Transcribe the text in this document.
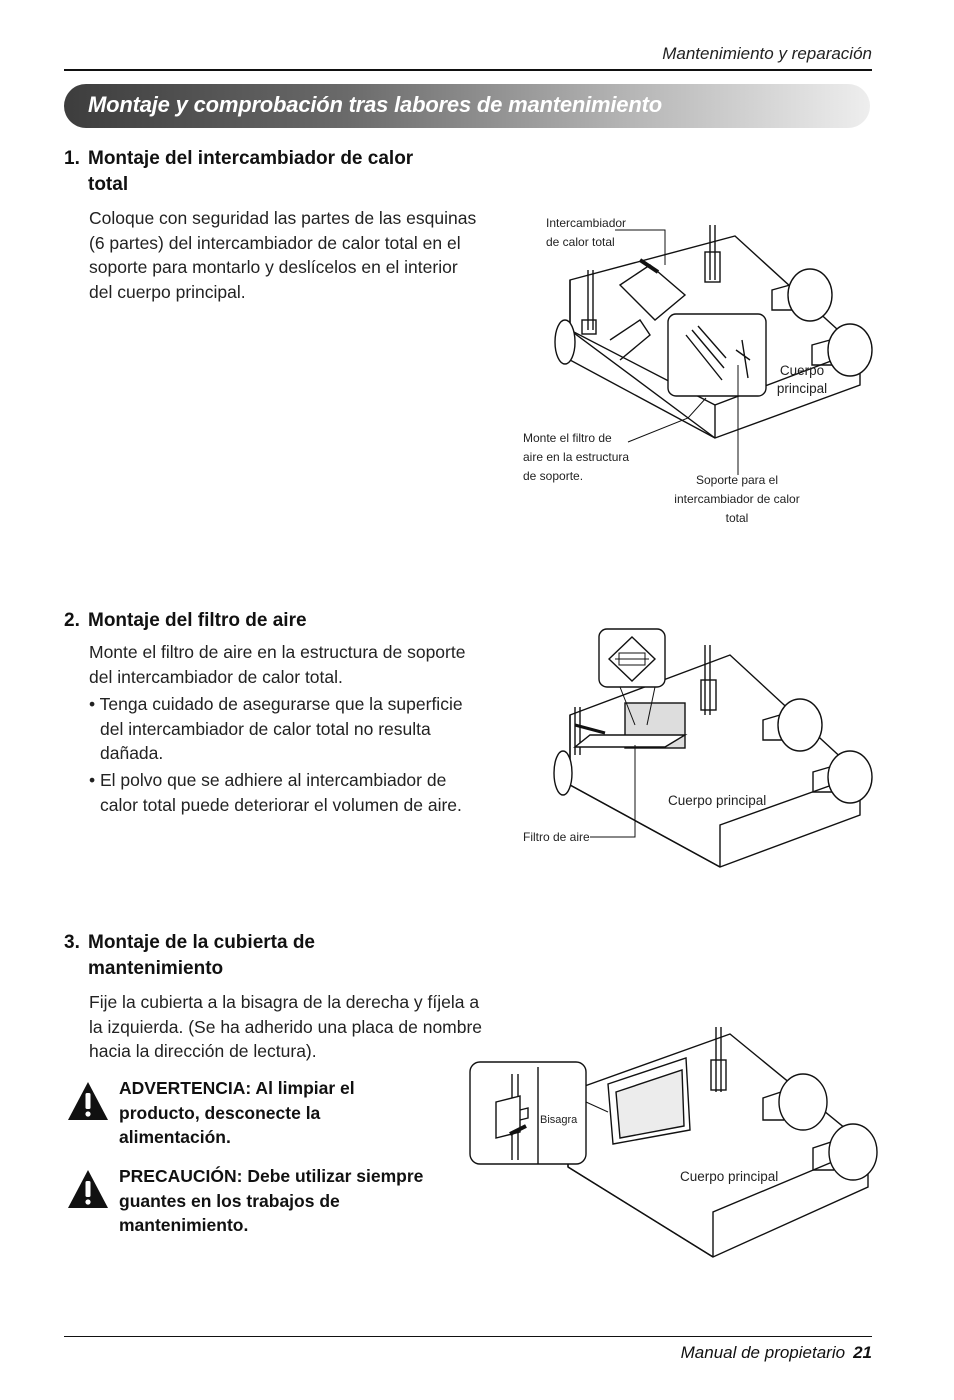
Mantenimiento y reparación
Montaje y comprobación tras labores de mantenimiento
1. Montaje del intercambiador de calor
total
Coloque con seguridad las partes de las esquinas
(6 partes) del intercambiador de calor total en el
soporte para montarlo y deslícelos en el interior
del cuerpo principal.
Intercambiador
de calor total
Cuerpo
principal
Monte el filtro de
aire en la estructura
de soporte.	Soporte para el
intercambiador de calor total
2. Montaje del filtro de aire
Monte el filtro de aire en la estructura de soporte
del intercambiador de calor total.
• Tenga cuidado de asegurarse que la superficie
del intercambiador de calor total no resulta
dañada.
• El polvo que se adhiere al intercambiador de
calor total puede deteriorar el volumen de aire.	Cuerpo principal
Filtro de aire
3. Montaje de la cubierta de
mantenimiento
Fije la cubierta a la bisagra de la derecha y fíjela a
la izquierda. (Se ha adherido una placa de nombre
hacia la dirección de lectura).
ADVERTENCIA: Al limpiar el
producto, desconecte la
alimentación.
PRECAUCIÓN: Debe utilizar siempre
guantes en los trabajos de
mantenimiento.
Bisagra
Cuerpo principal
Manual de propietario 21
